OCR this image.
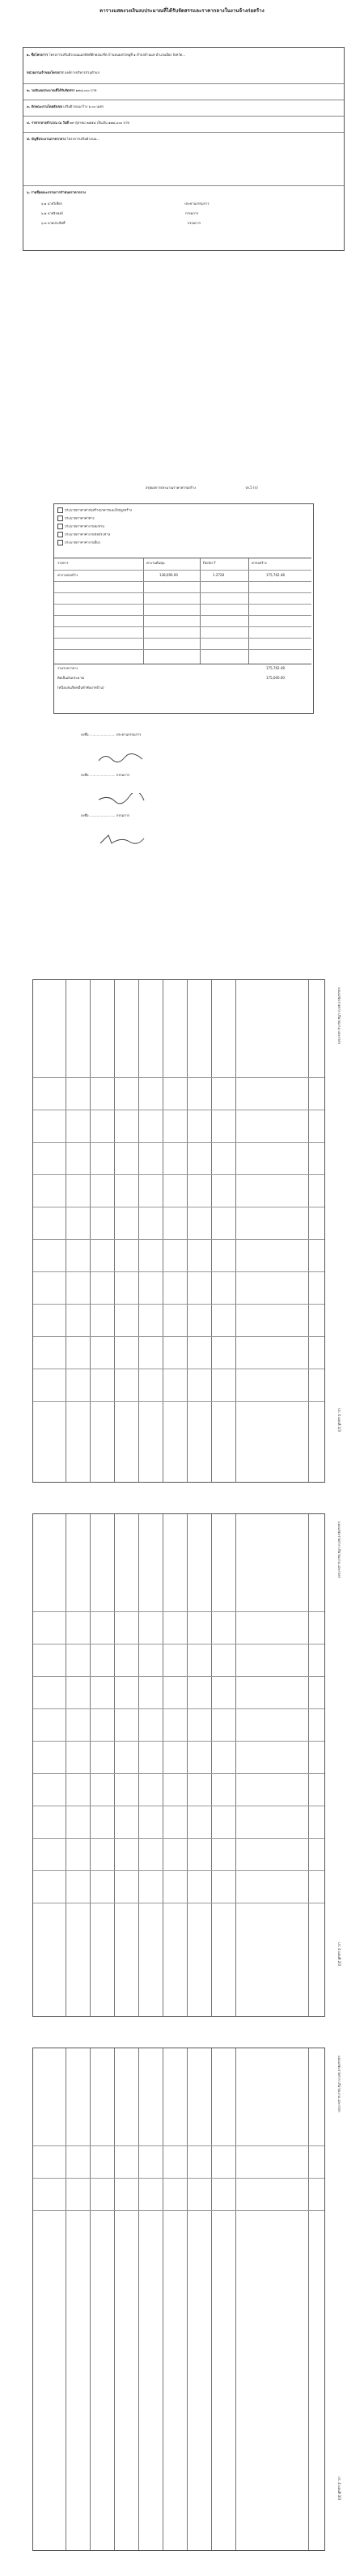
ตารางแสดงวงเงินงบประมาณที่ได้รับจัดสรรและราคากลางในงานจ้างก่อสร้าง
๑. ชื่อโครงการ โครงการเสริมผิวถนนแอสฟัลท์ติกคอนกรีต บ้านหนองบัวหมู่ที่ ๑ ตำบลบ้านแห่ อำเภอเมือง จังหวัด...
หน่วยงานเจ้าของโครงการ องค์การบริหารส่วนตำบล
๒. วงเงินงบประมาณที่ได้รับจัดสรร ๑๗๘,๐๐๐ บาท
๓. ลักษณะงานโดยสังเขป เสริมผิวถนนกว้าง ๖.๐๐ เมตร
๔. ราคากลางคำนวณ ณ วันที่ ๒๙ ตุลาคม ๒๕๕๘ เป็นเงิน ๑๗๘,๐๐๐ บาท
๕. บัญชีประมาณราคากลาง โครงการเสริมผิวถนน...
๖. รายชื่อคณะกรรมการกำหนดราคากลาง
๖.๑ นายวิเชียร	ประธานกรรมการ
๖.๒ นายจิรพงษ์	กรรมการ
๖.๓ นายประสิทธิ์	กรรมการ
สรุปผลการประมาณราคาค่าก่อสร้าง	ปร.5 (ก)
ประมาณราคาค่าก่อสร้างอาคารและสิ่งปลูกสร้าง
ประมาณราคาค่าทาง
ประมาณราคาค่างานสะพาน
ประมาณราคาค่างานชลประทาน
ประมาณราคาค่างานอื่นๆ
รายการ	ค่างานต้นทุน	Factor F	ค่าก่อสร้าง
ค่างานก่อสร้าง	138,090.00	1.2728	175,762.48
รวมราคากลาง	175,762.48
คิดเป็นเงินประมาณ	175,000.00
(หนึ่งแสนเจ็ดหมื่นห้าพันบาทถ้วน)
ลงชื่อ ......................... ประธานกรรมการ
ลงชื่อ ......................... กรรมการ
ลงชื่อ ......................... กรรมการ
แบบแสดงรายการ ปริมาณงาน และราคา
ปร. 4 แผ่นที่ 1/3
แบบแสดงรายการ ปริมาณงาน และราคา
ปร. 4 แผ่นที่ 2/3
แบบแสดงรายการ ปริมาณงาน และราคา
ปร. 4 แผ่นที่ 3/3
